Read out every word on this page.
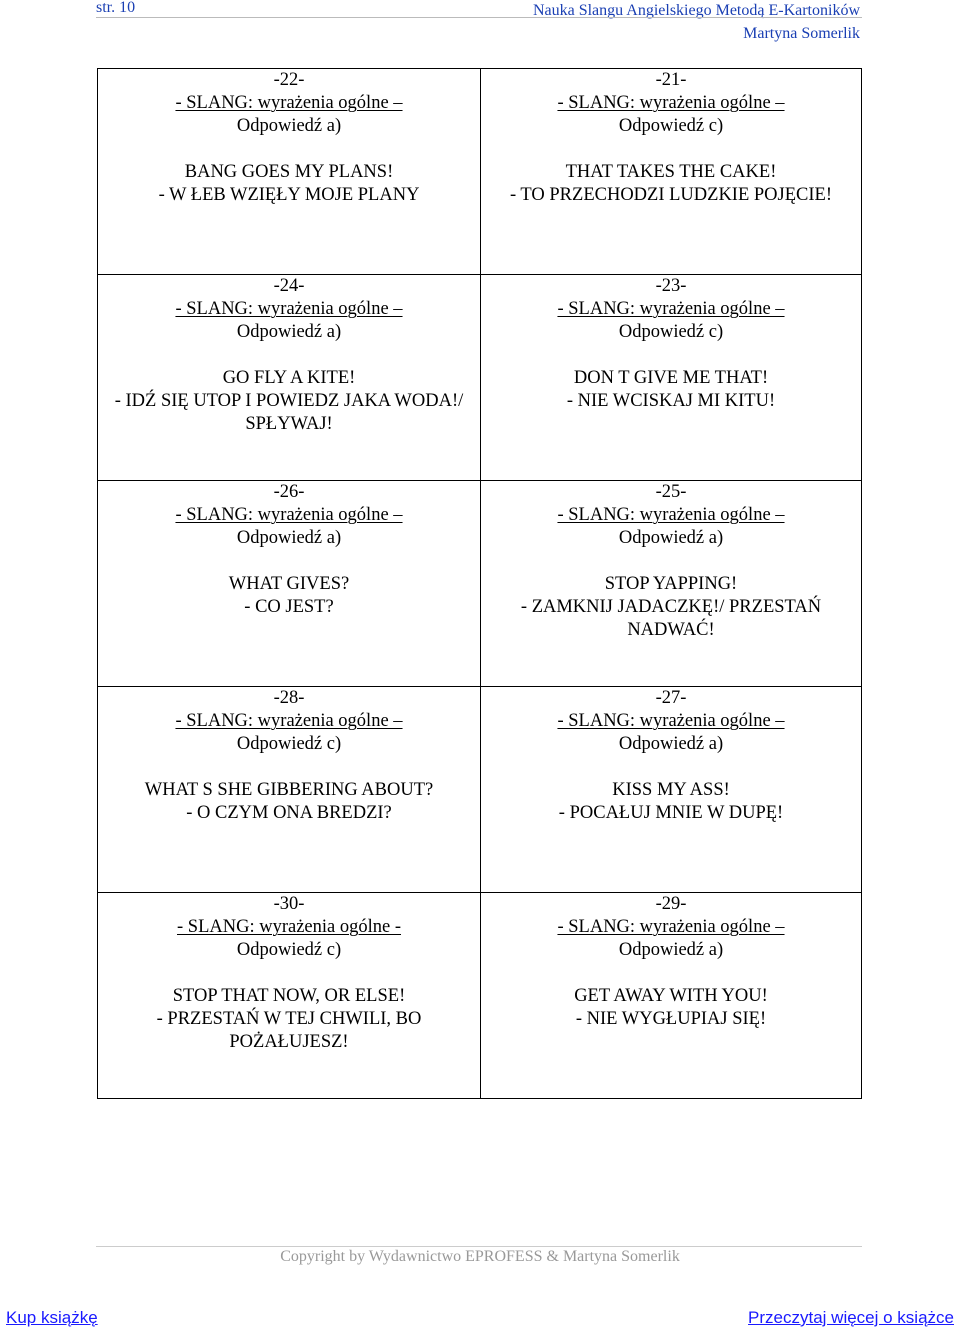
str. 10	Nauka Slangu Angielskiego Metodą E-Kartoników
Martyna Somerlik
-22-
- SLANG: wyrażenia ogólne –
Odpowiedź a)
BANG GOES MY PLANS!
- W ŁEB WZIĘŁY MOJE PLANY
-21-
- SLANG: wyrażenia ogólne –
Odpowiedź c)
THAT TAKES THE CAKE!
- TO PRZECHODZI LUDZKIE POJĘCIE!
-24-
- SLANG: wyrażenia ogólne –
Odpowiedź a)
GO FLY A KITE!
- IDŹ SIĘ UTOP I POWIEDZ JAKA WODA!/ SPŁYWAJ!
-23-
- SLANG: wyrażenia ogólne –
Odpowiedź c)
DON T GIVE ME THAT!
- NIE WCISKAJ MI KITU!
-26-
- SLANG: wyrażenia ogólne –
Odpowiedź a)
WHAT GIVES?
- CO JEST?
-25-
- SLANG: wyrażenia ogólne –
Odpowiedź a)
STOP YAPPING!
- ZAMKNIJ JADACZKĘ!/ PRZESTAŃ NADWAĆ!
-28-
- SLANG: wyrażenia ogólne –
Odpowiedź c)
WHAT S SHE GIBBERING ABOUT?
- O CZYM ONA BREDZI?
-27-
- SLANG: wyrażenia ogólne –
Odpowiedź a)
KISS MY ASS!
- POCAŁUJ MNIE W DUPĘ!
-30-
- SLANG: wyrażenia ogólne -
Odpowiedź c)
STOP THAT NOW, OR ELSE!
- PRZESTAŃ W TEJ CHWILI, BO POŻAŁUJESZ!
-29-
- SLANG: wyrażenia ogólne –
Odpowiedź a)
GET AWAY WITH YOU!
- NIE WYGŁUPIAJ SIĘ!
Copyright by Wydawnictwo EPROFESS & Martyna Somerlik
Kup książkę	Przeczytaj więcej o książce
